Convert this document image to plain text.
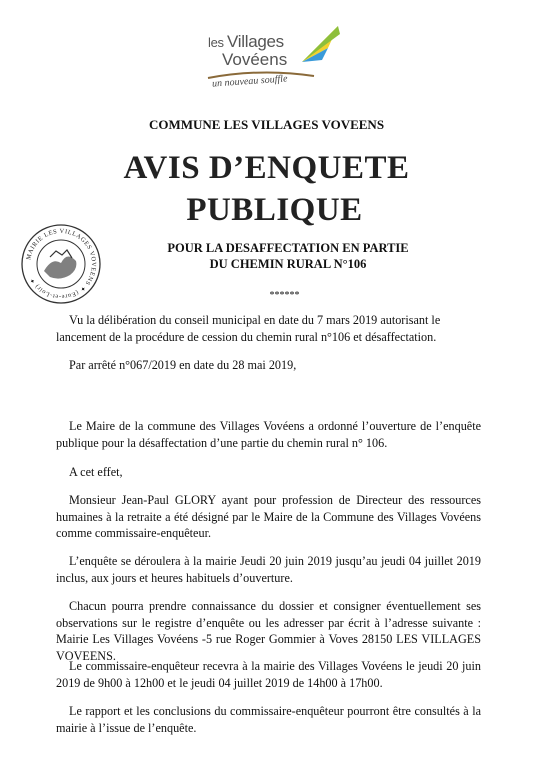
les Villages
Vovéens
un nouveau souffle
COMMUNE LES VILLAGES VOVEENS
AVIS D’ENQUETE
PUBLIQUE
MAIRIE LES VILLAGES VOVEENS ✦ (Eure-et-Loir) ✦
POUR LA DESAFFECTATION EN PARTIE
DU CHEMIN RURAL N°106
******
Vu la délibération du conseil municipal en date du 7 mars 2019 autorisant le lancement de la procédure de cession du chemin rural n°106 et désaffectation.
Par arrêté n°067/2019 en date du 28 mai 2019,
Le Maire de la commune des Villages Vovéens a ordonné l’ouverture de l’enquête publique pour la désaffectation d’une partie du chemin rural n° 106.
A cet effet,
Monsieur Jean-Paul GLORY ayant pour profession de Directeur des ressources humaines à la retraite a été désigné par le Maire de la Commune des Villages Vovéens comme commissaire-enquêteur.
L’enquête se déroulera à la mairie Jeudi 20 juin 2019 jusqu’au jeudi 04 juillet 2019 inclus, aux jours et heures habituels d’ouverture.
Chacun pourra prendre connaissance du dossier et consigner éventuellement ses observations sur le registre d’enquête ou les adresser par écrit à l’adresse suivante : Mairie Les Villages Vovéens -5 rue Roger Gommier à Voves 28150 LES VILLAGES VOVEENS.
Le commissaire-enquêteur recevra à la mairie des Villages Vovéens le jeudi 20 juin 2019 de 9h00 à 12h00 et le jeudi 04 juillet 2019 de 14h00 à 17h00.
Le rapport et les conclusions du commissaire-enquêteur pourront être consultés à la mairie à l’issue de l’enquête.
